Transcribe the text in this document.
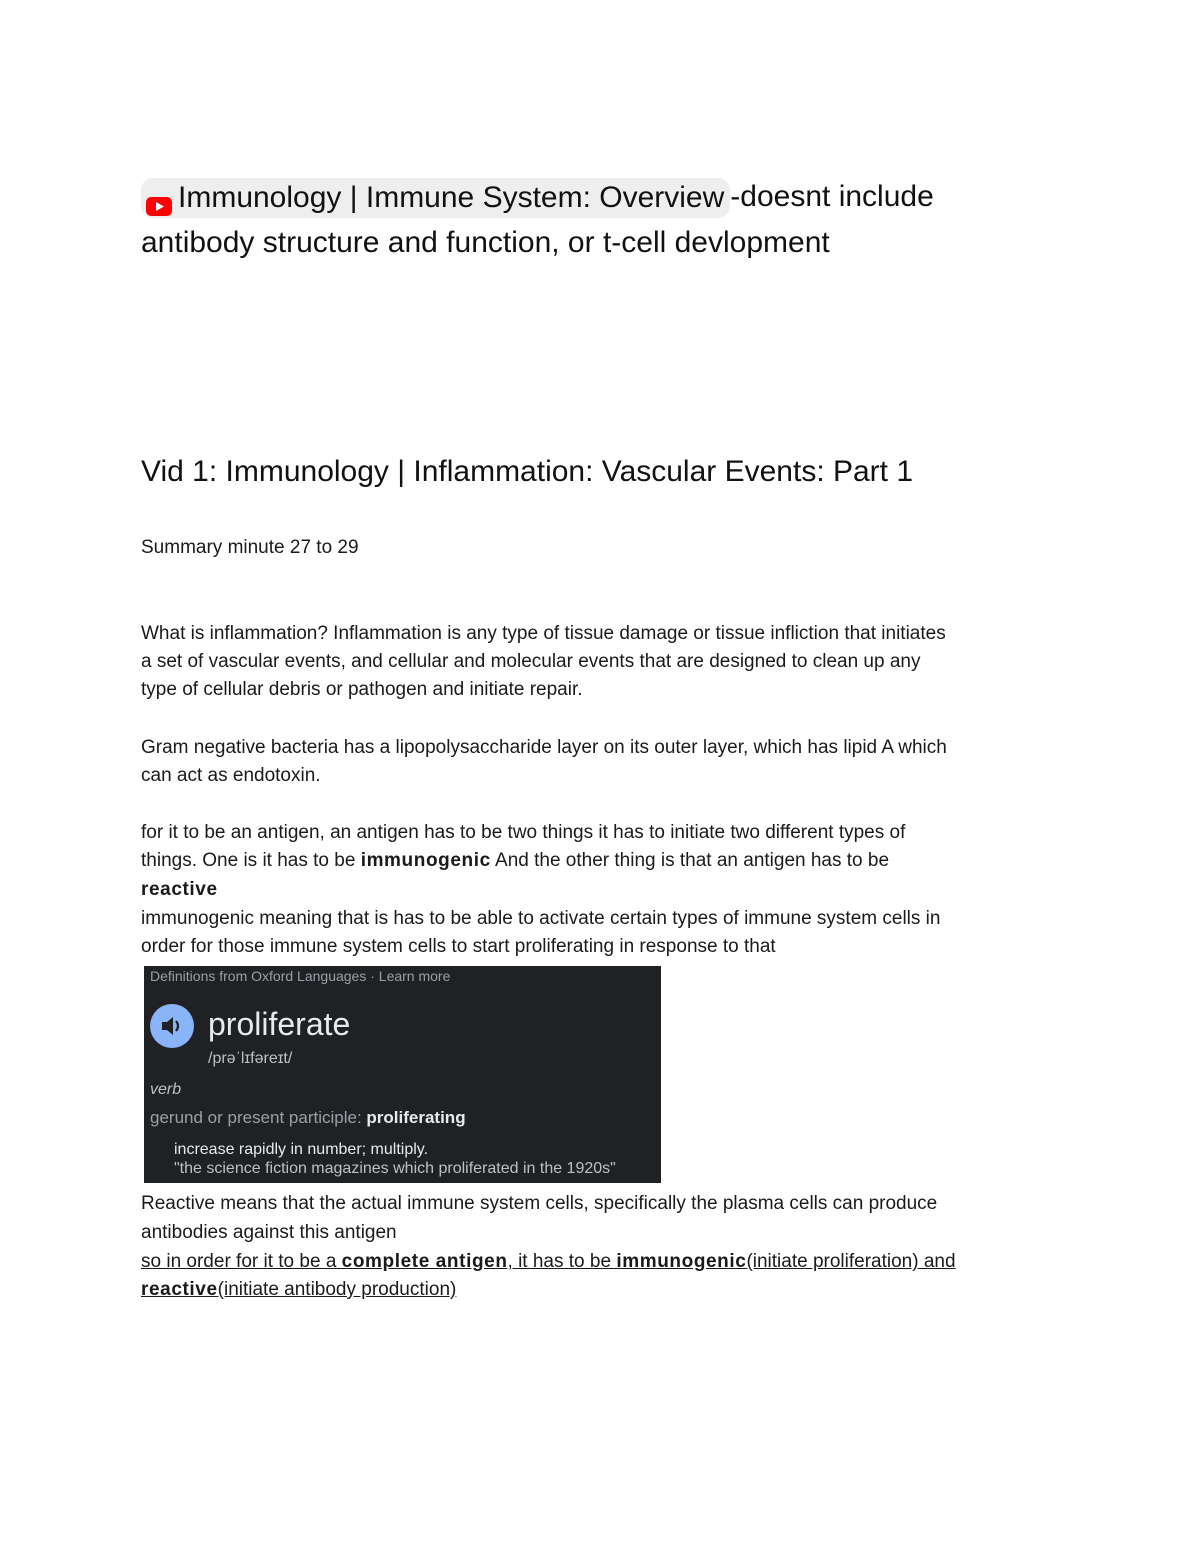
Immunology | Immune System: Overview -doesnt include
antibody structure and function, or t-cell devlopment
Vid 1: Immunology | Inflammation: Vascular Events: Part 1
Summary minute 27 to 29
What is inflammation? Inflammation is any type of tissue damage or tissue infliction that initiates
a set of vascular events, and cellular and molecular events that are designed to clean up any
type of cellular debris or pathogen and initiate repair.
Gram negative bacteria has a lipopolysaccharide layer on its outer layer, which has lipid A which
can act as endotoxin.
for it to be an antigen, an antigen has to be two things it has to initiate two different types of
things. One is it has to be immunogenic And the other thing is that an antigen has to be
reactive
immunogenic meaning that is has to be able to activate certain types of immune system cells in
order for those immune system cells to start proliferating in response to that
Definitions from Oxford Languages · Learn more
proliferate
/prəˈlɪfəreɪt/
verb
gerund or present participle: proliferating
increase rapidly in number; multiply.
"the science fiction magazines which proliferated in the 1920s"
Reactive means that the actual immune system cells, specifically the plasma cells can produce
antibodies against this antigen
so in order for it to be a complete antigen, it has to be immunogenic(initiate proliferation) and
reactive(initiate antibody production)
